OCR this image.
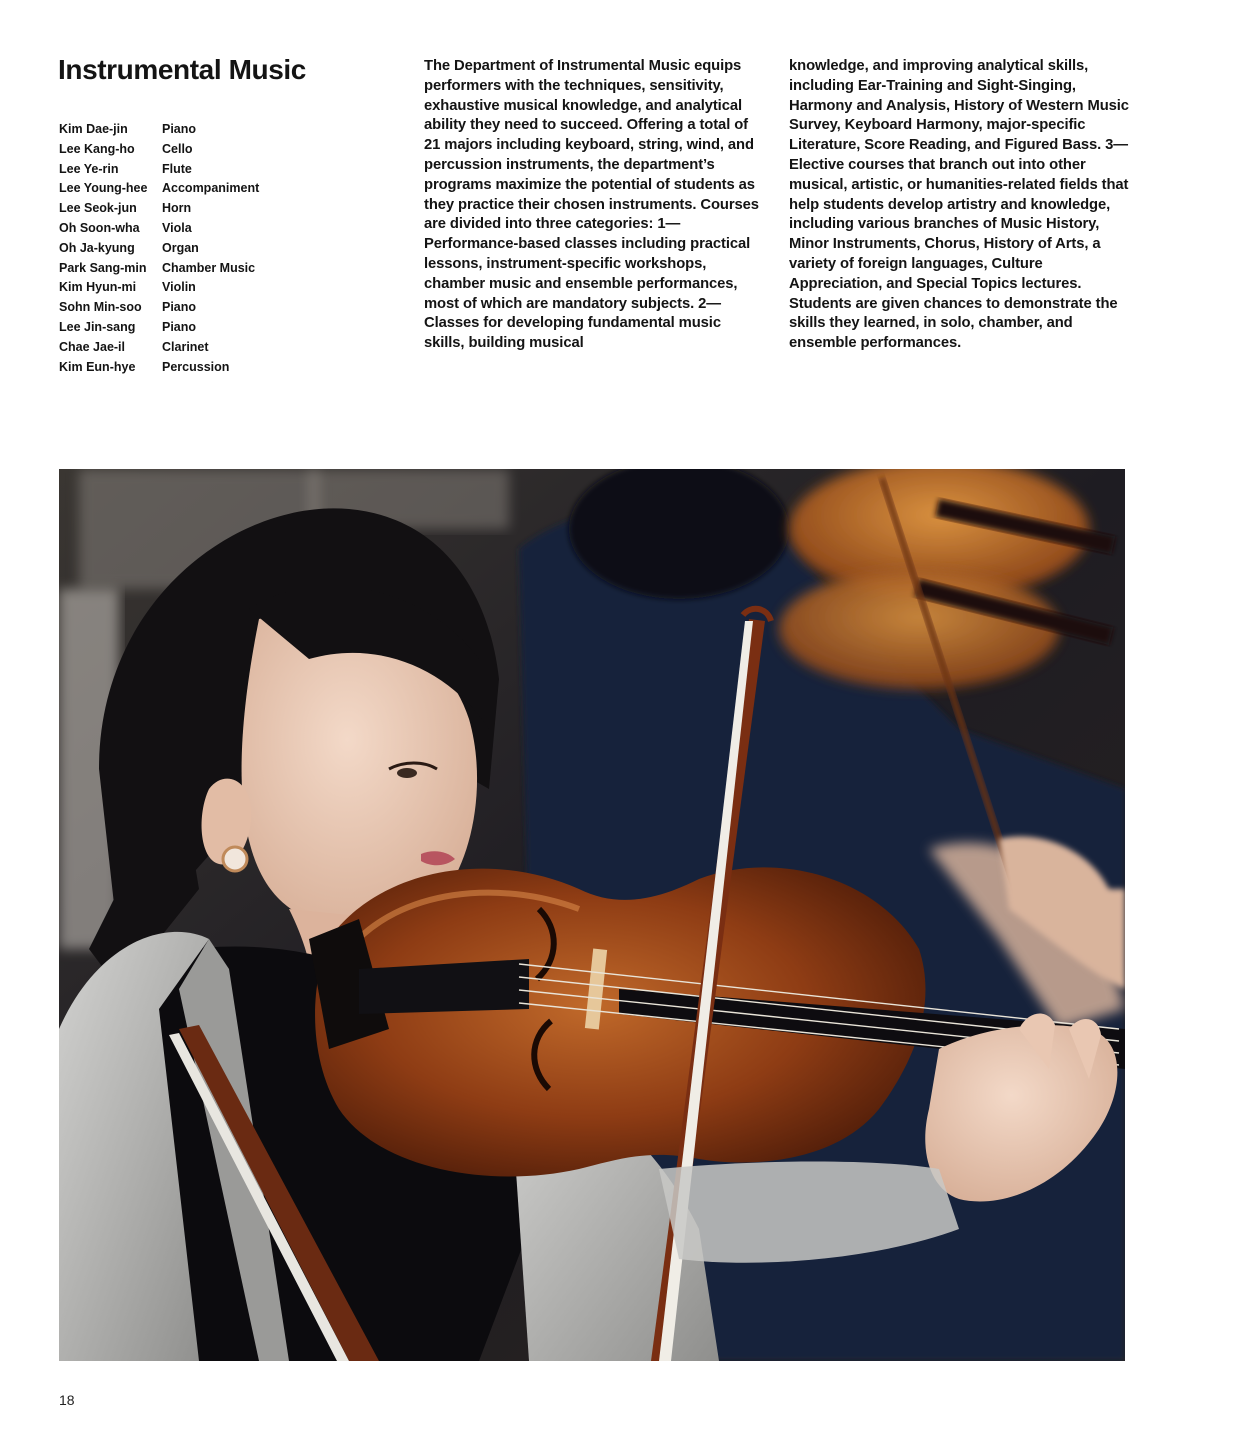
Instrumental Music
Kim Dae-jin	Piano
Lee Kang-ho	Cello
Lee Ye-rin	Flute
Lee Young-hee	Accompaniment
Lee Seok-jun	Horn
Oh Soon-wha	Viola
Oh Ja-kyung	Organ
Park Sang-min	Chamber Music
Kim Hyun-mi	Violin
Sohn Min-soo	Piano
Lee Jin-sang	Piano
Chae Jae-il	Clarinet
Kim Eun-hye	Percussion

The Department of Instrumental Music equips performers with the techniques, sensitivity, exhaustive musical knowledge, and analytical ability they need to succeed. Offering a total of 21 majors including keyboard, string, wind, and percussion instruments, the department’s programs maximize the potential of students as they practice their chosen instruments. Courses are divided into three categories: 1—Performance-based classes including practical lessons, instrument-specific workshops, chamber music and ensemble performances, most of which are mandatory subjects. 2—Classes for developing fundamental music skills, building musical

knowledge, and improving analytical skills, including Ear-Training and Sight-Singing, Harmony and Analysis, History of Western Music Survey, Keyboard Harmony, major-specific Literature, Score Reading, and Figured Bass. 3—Elective courses that branch out into other musical, artistic, or humanities-related fields that help students develop artistry and knowledge, including various branches of Music History, Minor Instruments, Chorus, History of Arts, a variety of foreign languages, Culture Appreciation, and Special Topics lectures. Students are given chances to demonstrate the skills they learned, in solo, chamber, and ensemble performances.

18
